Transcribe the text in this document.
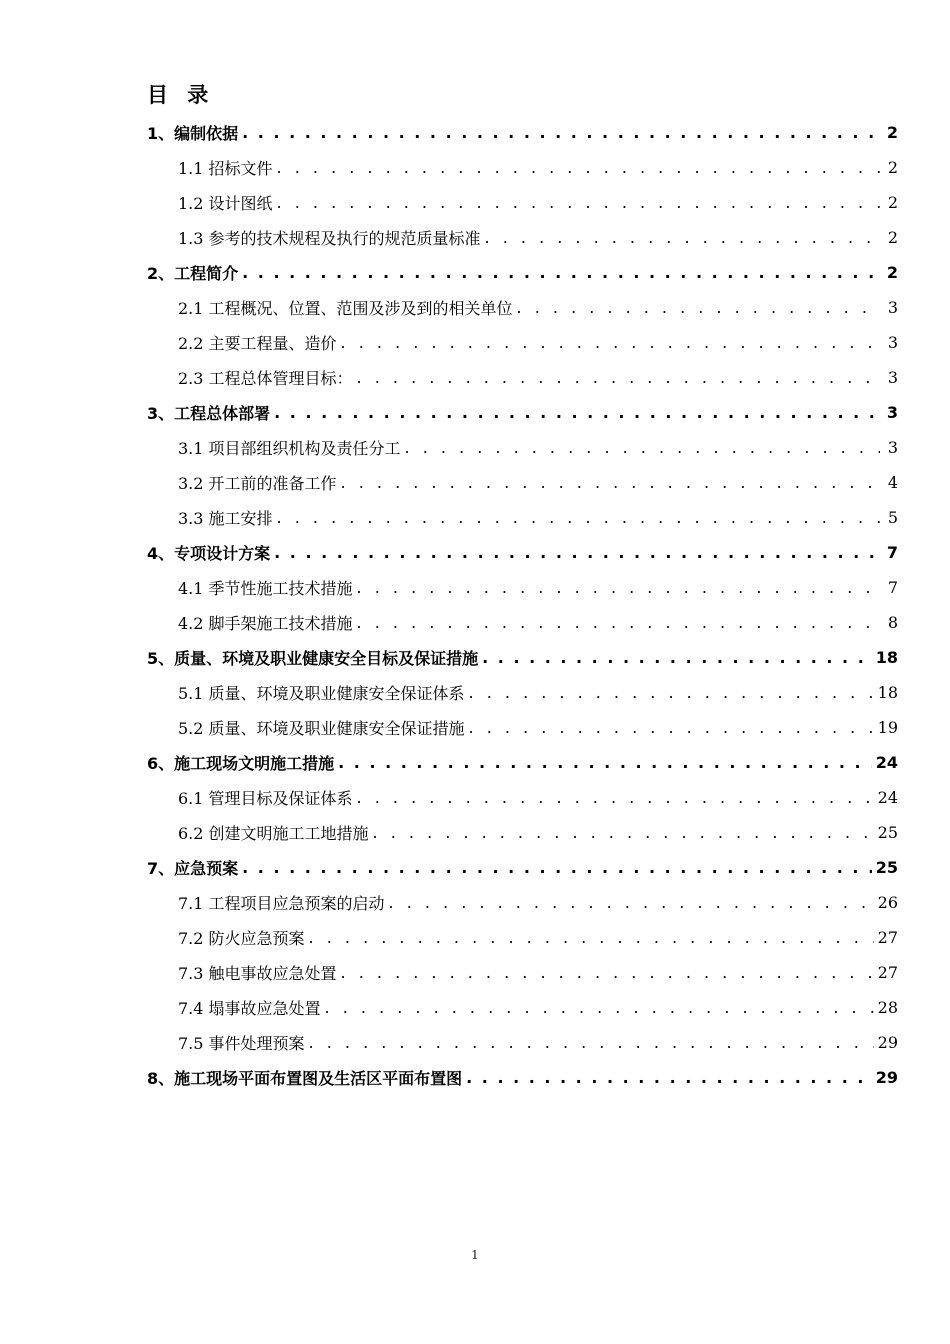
目 录
1、编制依据 . . .	2
1.1 招标文件 . . .	2
1.2 设计图纸 . . .	2
1.3 参考的技术规程及执行的规范质量标准 . . .	2
2、工程简介 . . .	2
2.1 工程概况、位置、范围及涉及到的相关单位 . . .	3
2.2 主要工程量、造价 . . .	3
2.3 工程总体管理目标： . . .	3
3、工程总体部署 . . .	3
3.1 项目部组织机构及责任分工 . . .	3
3.2 开工前的准备工作 . . .	4
3.3 施工安排 . . .	5
4、专项设计方案 . . .	7
4.1 季节性施工技术措施 . . .	7
4.2 脚手架施工技术措施 . . .	8
5、质量、环境及职业健康安全目标及保证措施 . . .	18
5.1 质量、环境及职业健康安全保证体系 . . .	18
5.2 质量、环境及职业健康安全保证措施 . . .	19
6、施工现场文明施工措施 . . .	24
6.1 管理目标及保证体系 . . .	24
6.2 创建文明施工工地措施 . . .	25
7、应急预案 . . .	25
7.1 工程项目应急预案的启动 . . .	26
7.2 防火应急预案 . . .	27
7.3 触电事故应急处置 . . .	27
7.4 塌事故应急处置 . . .	28
7.5 事件处理预案 . . .	29
8、施工现场平面布置图及生活区平面布置图 . . .	29
1
